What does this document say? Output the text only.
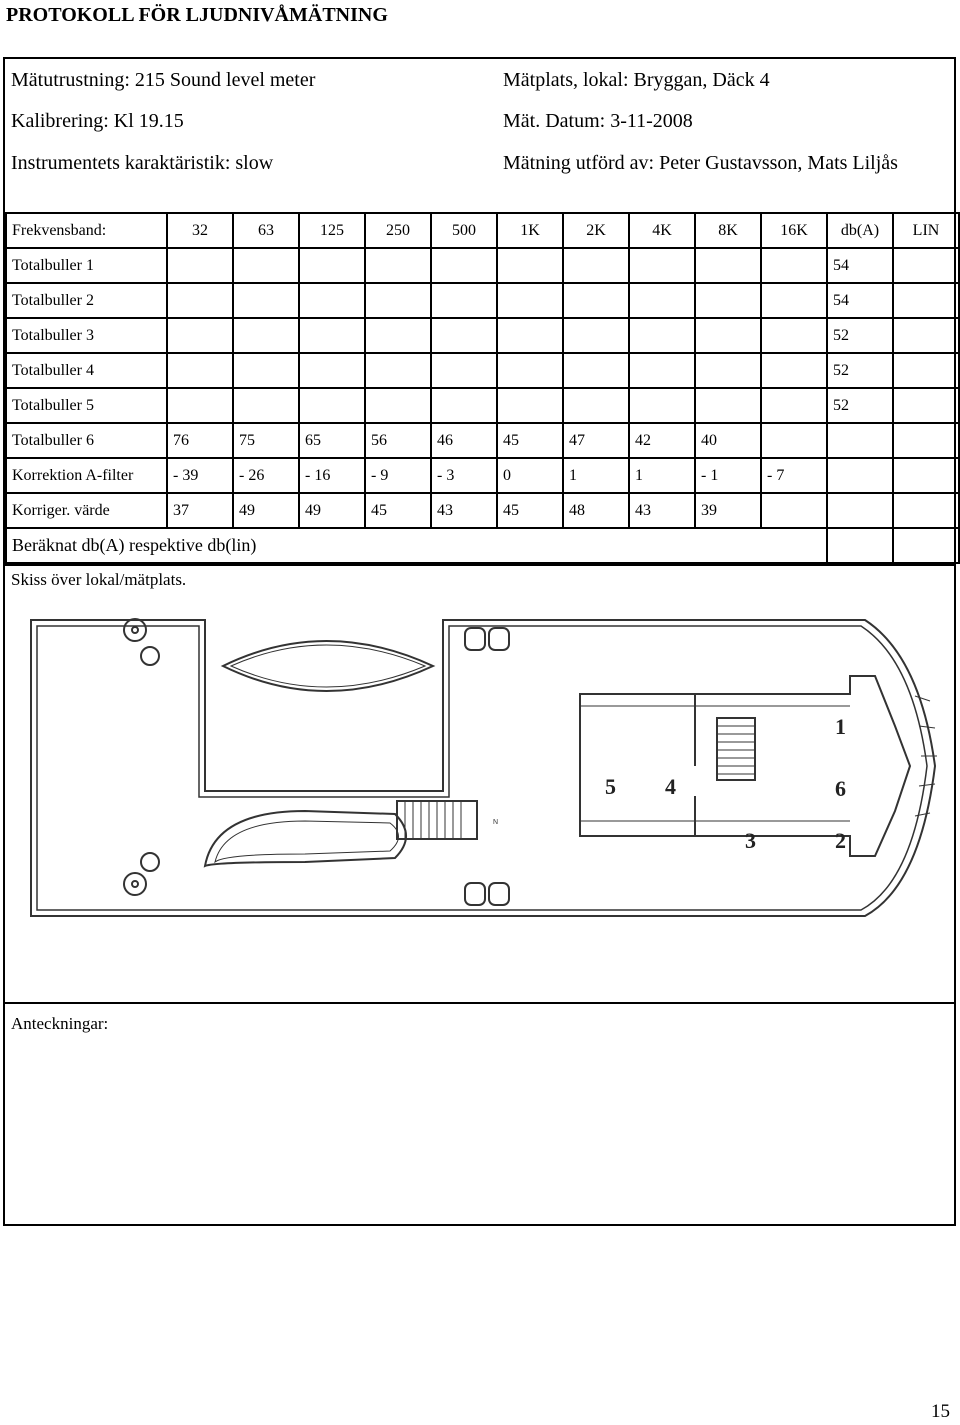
PROTOKOLL FÖR LJUDNIVÅMÄTNING
Mätutrustning: 215 Sound level meter	Mätplats, lokal: Bryggan, Däck 4
Kalibrering: Kl 19.15	Mät. Datum: 3-11-2008
Instrumentets karaktäristik: slow	Mätning utförd av: Peter Gustavsson, Mats Liljås
Frekvensband:	32	63	125	250	500	1K	2K	4K	8K	16K	db(A)	LIN
Totalbuller 1											54	
Totalbuller 2											54	
Totalbuller 3											52	
Totalbuller 4											52	
Totalbuller 5											52	
Totalbuller 6	76	75	65	56	46	45	47	42	40			
Korrektion A-filter	- 39	- 26	- 16	- 9	- 3	0	1	1	- 1	- 7		
Korriger. värde	37	49	49	45	43	45	48	43	39			
Beräknat db(A) respektive db(lin)												
Skiss över lokal/mätplats.
1
2
3
4
5	6
N
Anteckningar:
15
